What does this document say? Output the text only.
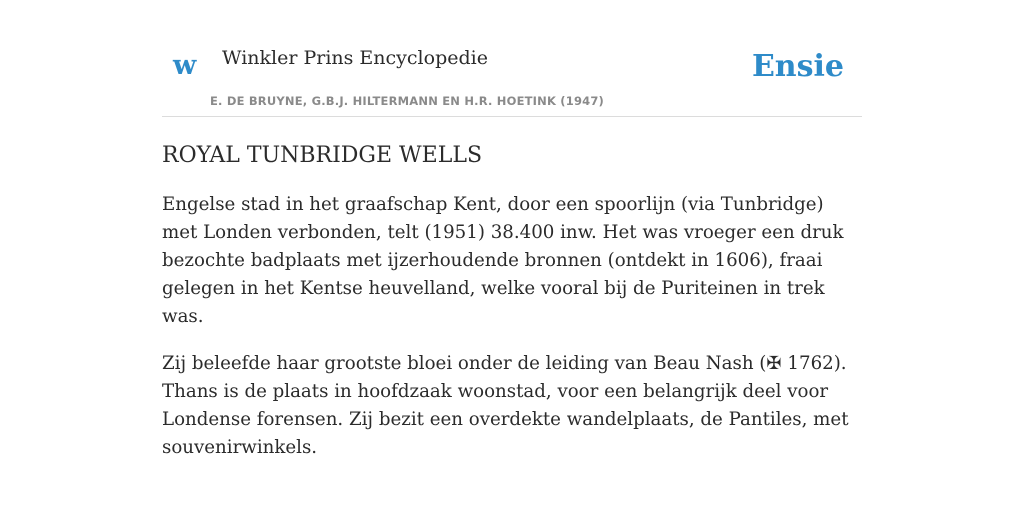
w Winkler Prins Encyclopedie
E. DE BRUYNE, G.B.J. HILTERMANN EN H.R. HOETINK (1947)
Ensie
ROYAL TUNBRIDGE WELLS

Engelse stad in het graafschap Kent, door een spoorlijn (via Tunbridge) met Londen verbonden, telt (1951) 38.400 inw. Het was vroeger een druk bezochte badplaats met ijzerhoudende bronnen (ontdekt in 1606), fraai gelegen in het Kentse heuvelland, welke vooral bij de Puriteinen in trek was.

Zij beleefde haar grootste bloei onder de leiding van Beau Nash (✠ 1762). Thans is de plaats in hoofdzaak woonstad, voor een belangrijk deel voor Londense forensen. Zij bezit een overdekte wandelplaats, de Pantiles, met souvenirwinkels.
